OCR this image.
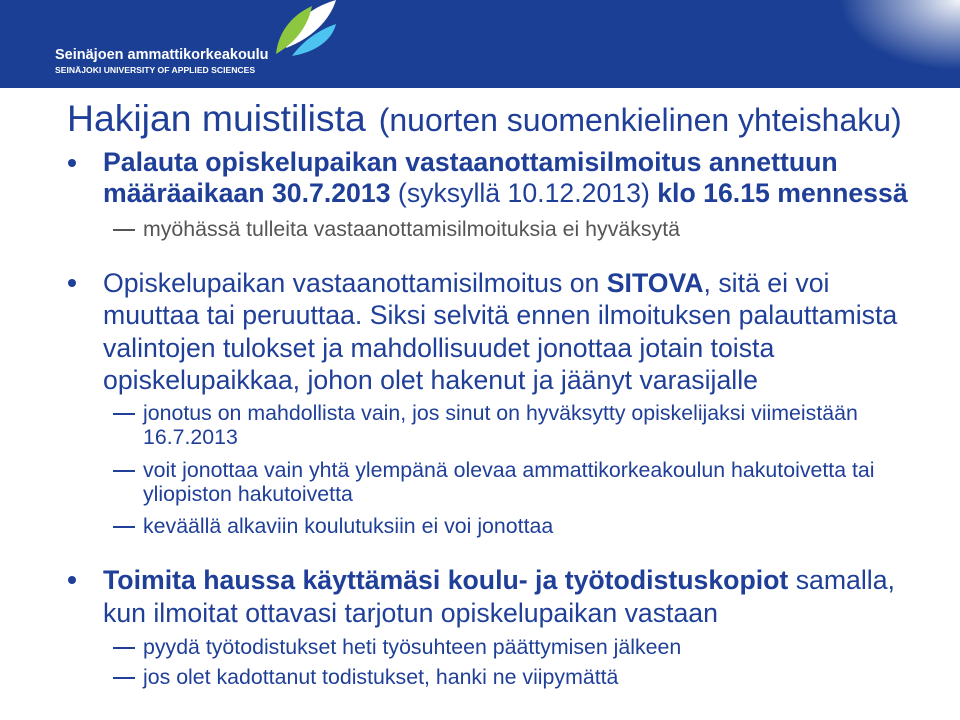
Seinäjoen ammattikorkeakoulu
SEINÄJOKI UNIVERSITY OF APPLIED SCIENCES
Hakijan muistilista (nuorten suomenkielinen yhteishaku)
Palauta opiskelupaikan vastaanottamisilmoitus annettuun
määräaikaan 30.7.2013 (syksyllä 10.12.2013) klo 16.15 mennessä
myöhässä tulleita vastaanottamisilmoituksia ei hyväksytä
Opiskelupaikan vastaanottamisilmoitus on SITOVA, sitä ei voi
muuttaa tai peruuttaa. Siksi selvitä ennen ilmoituksen palauttamista
valintojen tulokset ja mahdollisuudet jonottaa jotain toista
opiskelupaikkaa, johon olet hakenut ja jäänyt varasijalle
jonotus on mahdollista vain, jos sinut on hyväksytty opiskelijaksi viimeistään
16.7.2013
voit jonottaa vain yhtä ylempänä olevaa ammattikorkeakoulun hakutoivetta tai
yliopiston hakutoivetta
keväällä alkaviin koulutuksiin ei voi jonottaa
Toimita haussa käyttämäsi koulu- ja työtodistuskopiot samalla,
kun ilmoitat ottavasi tarjotun opiskelupaikan vastaan
pyydä työtodistukset heti työsuhteen päättymisen jälkeen
jos olet kadottanut todistukset, hanki ne viipymättä
